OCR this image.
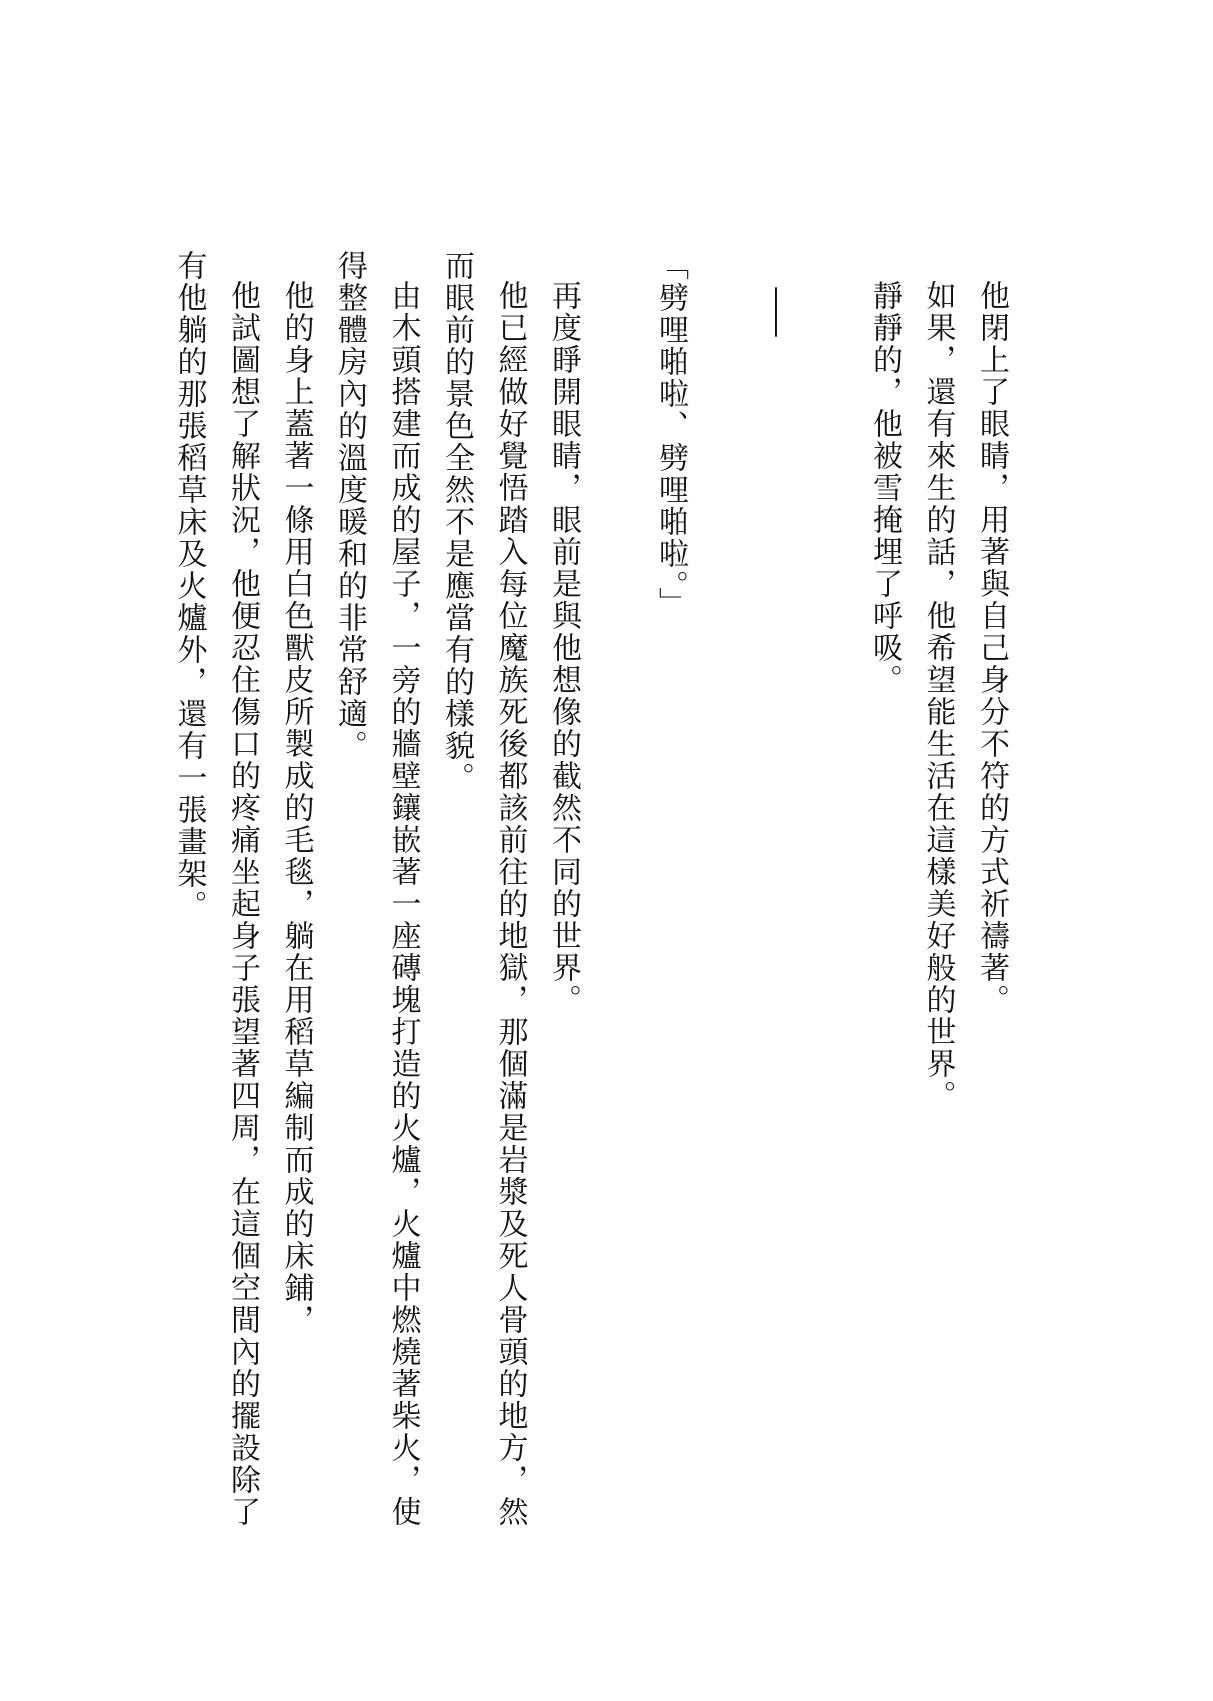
他閉上了眼睛，用著與自己身分不符的方式祈禱著。

如果，還有來生的話，他希望能生活在這樣美好般的世界。

靜靜的，他被雪掩埋了呼吸。

——

「劈哩啪啦、劈哩啪啦。」

再度睜開眼睛，眼前是與他想像的截然不同的世界。

他已經做好覺悟踏入每位魔族死後都該前往的地獄，那個滿是岩漿及死人骨頭的地方，然而眼前的景色全然不是應當有的樣貌。

由木頭搭建而成的屋子，一旁的牆壁鑲嵌著一座磚塊打造的火爐，火爐中燃燒著柴火，使得整體房內的溫度暖和的非常舒適。

他的身上蓋著一條用白色獸皮所製成的毛毯，躺在用稻草編制而成的床鋪，

他試圖想了解狀況，他便忍住傷口的疼痛坐起身子張望著四周，在這個空間內的擺設除了有他躺的那張稻草床及火爐外，還有一張畫架。
